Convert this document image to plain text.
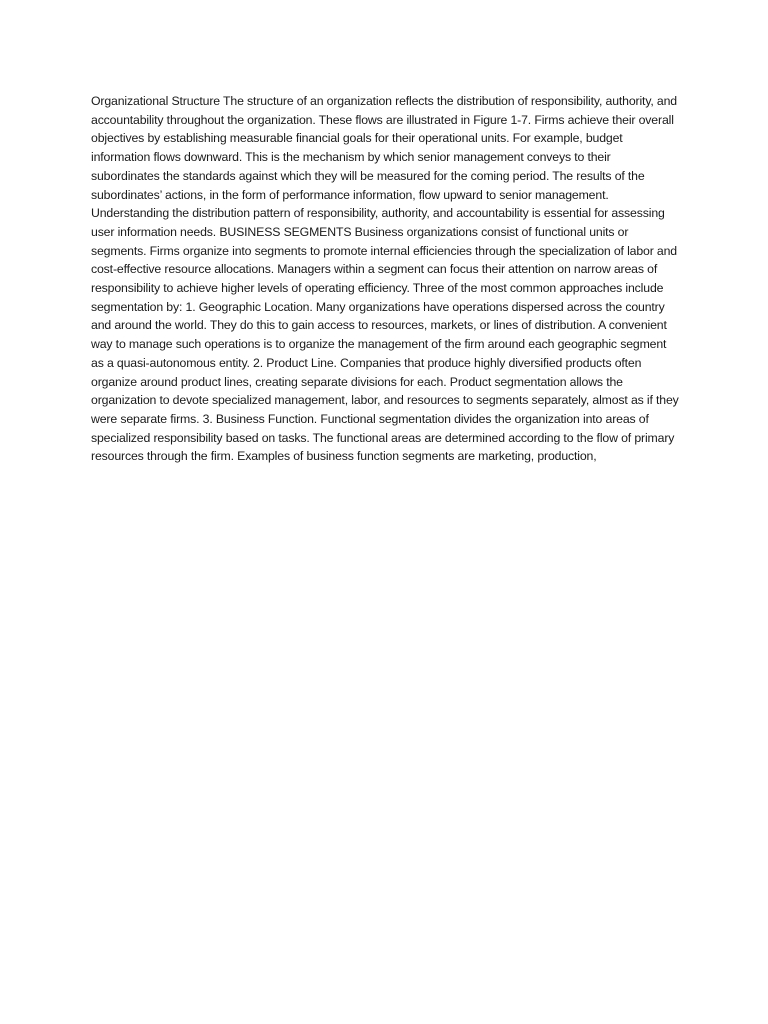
Organizational Structure The structure of an organization reflects the distribution of responsibility, authority, and accountability throughout the organization. These flows are illustrated in Figure 1-7. Firms achieve their overall objectives by establishing measurable financial goals for their operational units. For example, budget information flows downward. This is the mechanism by which senior management conveys to their subordinates the standards against which they will be measured for the coming period. The results of the subordinates’ actions, in the form of performance information, flow upward to senior management. Understanding the distribution pattern of responsibility, authority, and accountability is essential for assessing user information needs. BUSINESS SEGMENTS Business organizations consist of functional units or segments. Firms organize into segments to promote internal efficiencies through the specialization of labor and cost-effective resource allocations. Managers within a segment can focus their attention on narrow areas of responsibility to achieve higher levels of operating efficiency. Three of the most common approaches include segmentation by: 1. Geographic Location. Many organizations have operations dispersed across the country and around the world. They do this to gain access to resources, markets, or lines of distribution. A convenient way to manage such operations is to organize the management of the firm around each geographic segment as a quasi-autonomous entity. 2. Product Line. Companies that produce highly diversified products often organize around product lines, creating separate divisions for each. Product segmentation allows the organization to devote specialized management, labor, and resources to segments separately, almost as if they were separate firms. 3. Business Function. Functional segmentation divides the organization into areas of specialized responsibility based on tasks. The functional areas are determined according to the flow of primary resources through the firm. Examples of business function segments are marketing, production,
